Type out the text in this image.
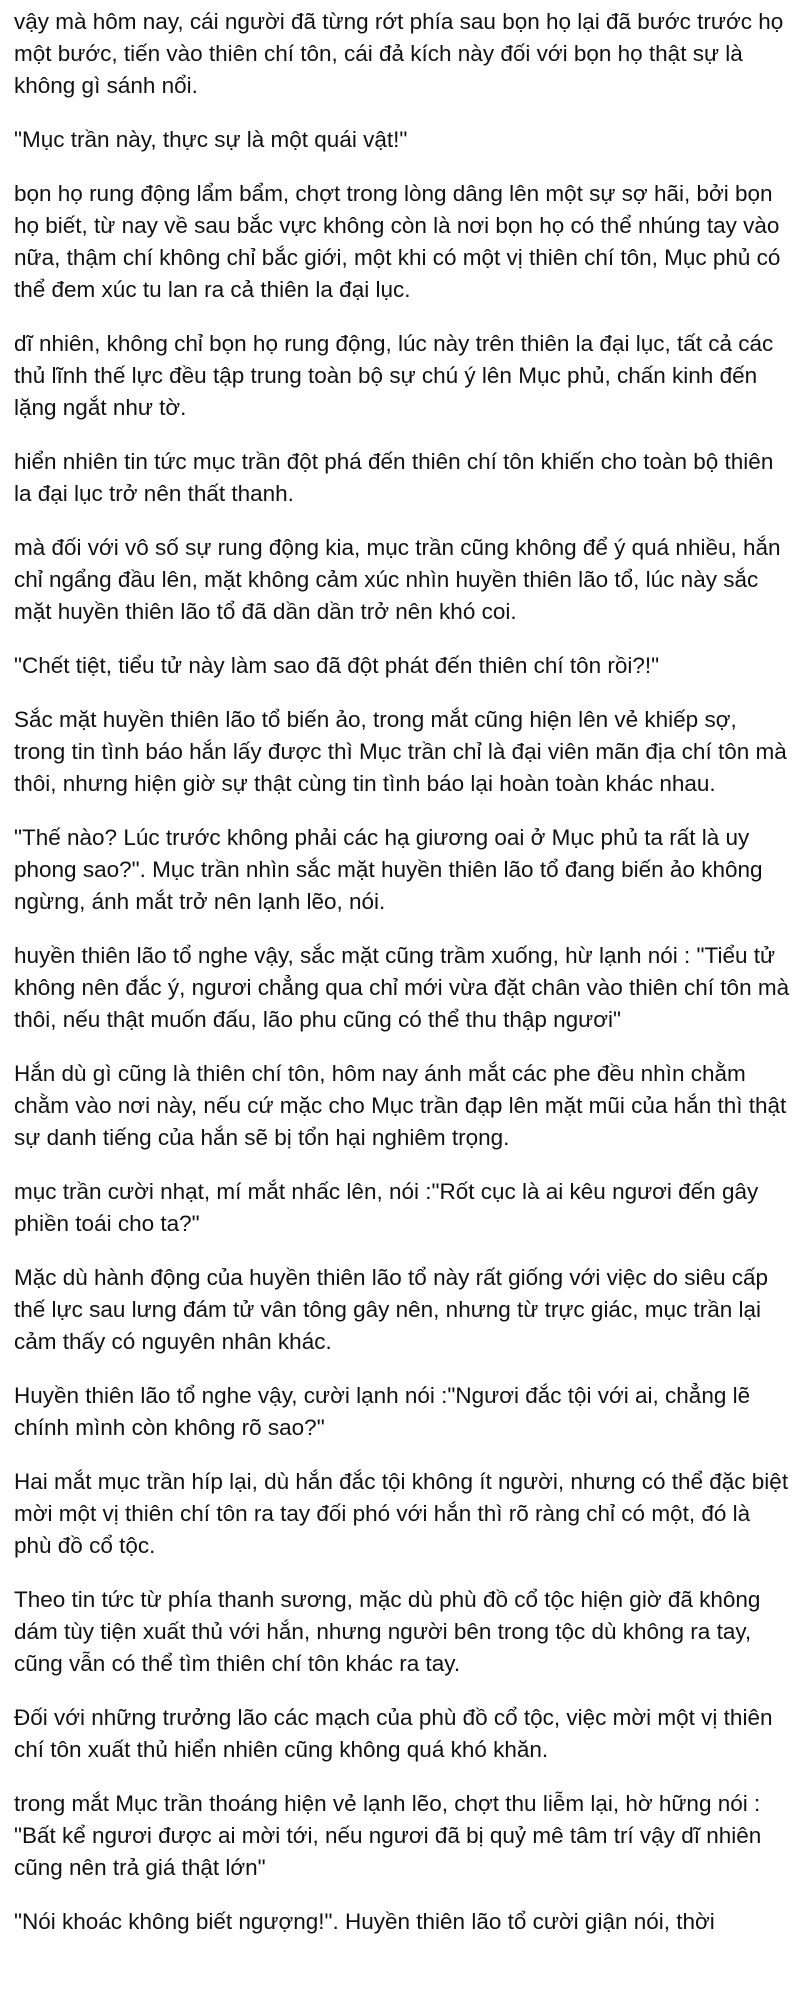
vậy mà hôm nay, cái người đã từng rớt phía sau bọn họ lại đã bước trước họ một bước, tiến vào thiên chí tôn, cái đả kích này đối với bọn họ thật sự là không gì sánh nổi.

"Mục trần này, thực sự là một quái vật!"

bọn họ rung động lẩm bẩm, chợt trong lòng dâng lên một sự sợ hãi, bởi bọn họ biết, từ nay về sau bắc vực không còn là nơi bọn họ có thể nhúng tay vào nữa, thậm chí không chỉ bắc giới, một khi có một vị thiên chí tôn, Mục phủ có thể đem xúc tu lan ra cả thiên la đại lục.

dĩ nhiên, không chỉ bọn họ rung động, lúc này trên thiên la đại lục, tất cả các thủ lĩnh thế lực đều tập trung toàn bộ sự chú ý lên Mục phủ, chấn kinh đến lặng ngắt như tờ.

hiển nhiên tin tức mục trần đột phá đến thiên chí tôn khiến cho toàn bộ thiên la đại lục trở nên thất thanh.

mà đối với vô số sự rung động kia, mục trần cũng không để ý quá nhiều, hắn chỉ ngẩng đầu lên, mặt không cảm xúc nhìn huyền thiên lão tổ, lúc này sắc mặt huyền thiên lão tổ đã dần dần trở nên khó coi.

"Chết tiệt, tiểu tử này làm sao đã đột phát đến thiên chí tôn rồi?!"

Sắc mặt huyền thiên lão tổ biến ảo, trong mắt cũng hiện lên vẻ khiếp sợ, trong tin tình báo hắn lấy được thì Mục trần chỉ là đại viên mãn địa chí tôn mà thôi, nhưng hiện giờ sự thật cùng tin tình báo lại hoàn toàn khác nhau.

"Thế nào? Lúc trước không phải các hạ giương oai ở Mục phủ ta rất là uy phong sao?". Mục trần nhìn sắc mặt huyền thiên lão tổ đang biến ảo không ngừng, ánh mắt trở nên lạnh lẽo, nói.

huyền thiên lão tổ nghe vậy, sắc mặt cũng trầm xuống, hừ lạnh nói : "Tiểu tử không nên đắc ý, ngươi chẳng qua chỉ mới vừa đặt chân vào thiên chí tôn mà thôi, nếu thật muốn đấu, lão phu cũng có thể thu thập ngươi"

Hắn dù gì cũng là thiên chí tôn, hôm nay ánh mắt các phe đều nhìn chằm chằm vào nơi này, nếu cứ mặc cho Mục trần đạp lên mặt mũi của hắn thì thật sự danh tiếng của hắn sẽ bị tổn hại nghiêm trọng.

mục trần cười nhạt, mí mắt nhấc lên, nói :"Rốt cục là ai kêu ngươi đến gây phiền toái cho ta?"

Mặc dù hành động của huyền thiên lão tổ này rất giống với việc do siêu cấp thế lực sau lưng đám tử vân tông gây nên, nhưng từ trực giác, mục trần lại cảm thấy có nguyên nhân khác.

Huyền thiên lão tổ nghe vậy, cười lạnh nói :"Ngươi đắc tội với ai, chẳng lẽ chính mình còn không rõ sao?"

Hai mắt mục trần híp lại, dù hắn đắc tội không ít người, nhưng có thể đặc biệt mời một vị thiên chí tôn ra tay đối phó với hắn thì rõ ràng chỉ có một, đó là phù đồ cổ tộc.

Theo tin tức từ phía thanh sương, mặc dù phù đồ cổ tộc hiện giờ đã không dám tùy tiện xuất thủ với hắn, nhưng người bên trong tộc dù không ra tay, cũng vẫn có thể tìm thiên chí tôn khác ra tay.

Đối với những trưởng lão các mạch của phù đồ cổ tộc, việc mời một vị thiên chí tôn xuất thủ hiển nhiên cũng không quá khó khăn.

trong mắt Mục trần thoáng hiện vẻ lạnh lẽo, chợt thu liễm lại, hờ hững nói : "Bất kể ngươi được ai mời tới, nếu ngươi đã bị quỷ mê tâm trí vậy dĩ nhiên cũng nên trả giá thật lớn"

"Nói khoác không biết ngượng!". Huyền thiên lão tổ cười giận nói, thời
